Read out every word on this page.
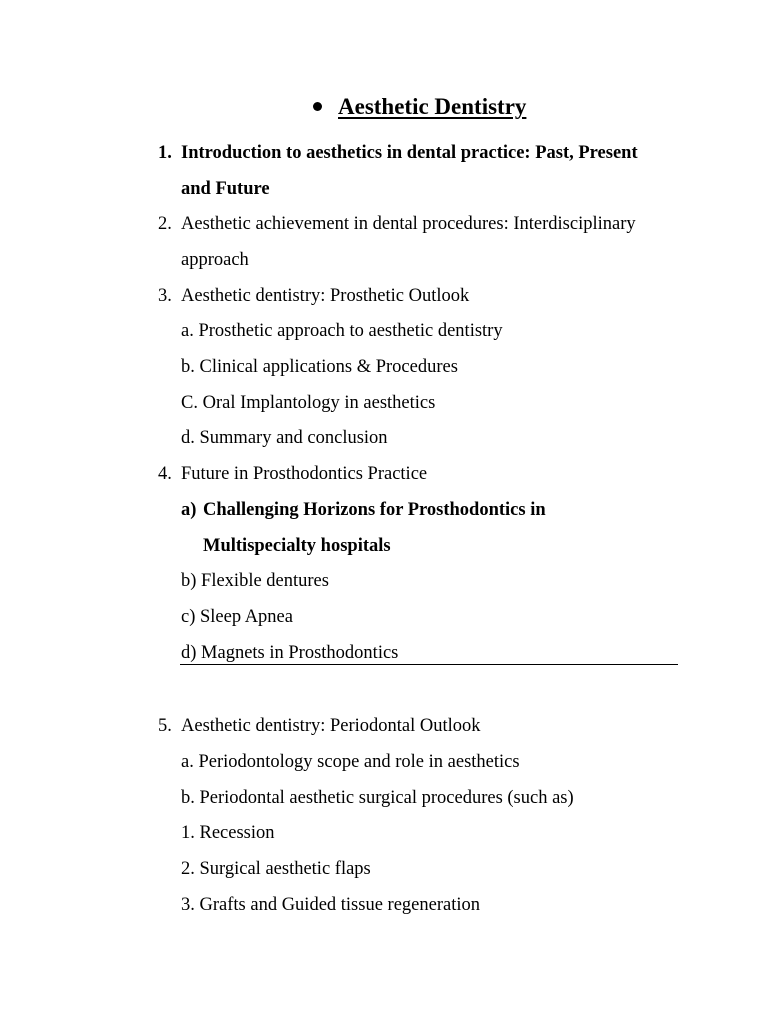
Aesthetic Dentistry
1. Introduction to aesthetics in dental practice: Past, Present
and Future
2. Aesthetic achievement in dental procedures: Interdisciplinary
approach
3. Aesthetic dentistry: Prosthetic Outlook
a. Prosthetic approach to aesthetic dentistry
b. Clinical applications & Procedures
C. Oral Implantology in aesthetics
d. Summary and conclusion
4. Future in Prosthodontics Practice
a) Challenging Horizons for Prosthodontics in
Multispecialty hospitals
b) Flexible dentures
c) Sleep Apnea
d) Magnets in Prosthodontics
5. Aesthetic dentistry: Periodontal Outlook
a. Periodontology scope and role in aesthetics
b. Periodontal aesthetic surgical procedures (such as)
1. Recession
2. Surgical aesthetic flaps
3. Grafts and Guided tissue regeneration
